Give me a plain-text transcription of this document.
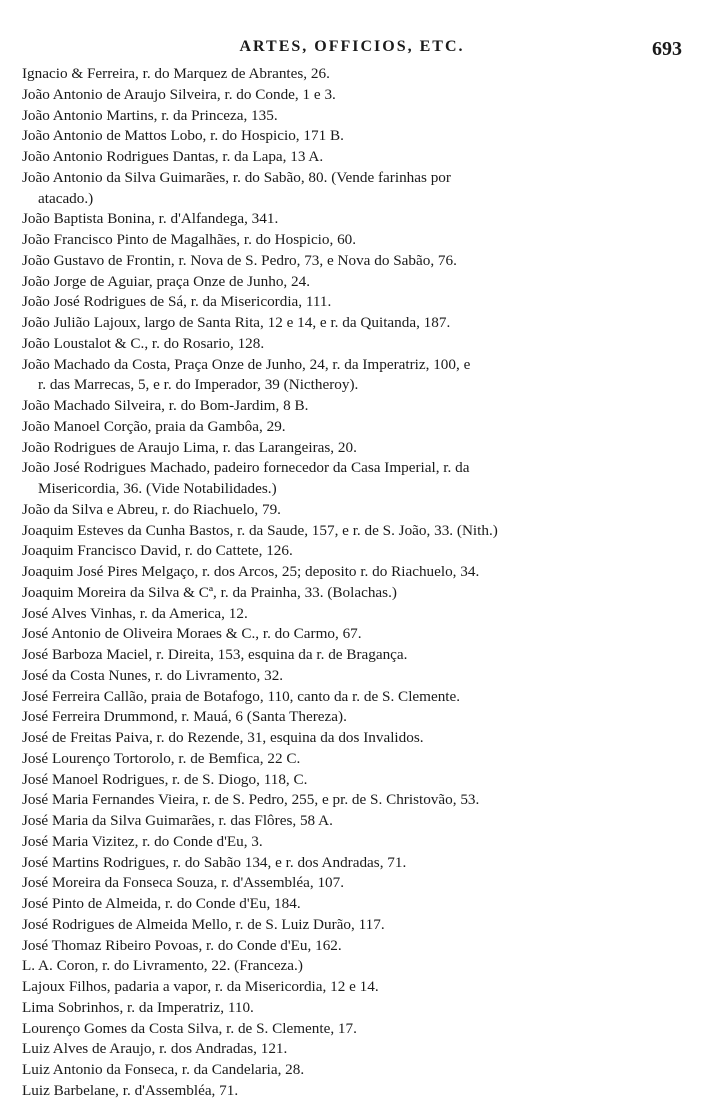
ARTES, OFFICIOS, ETC.	693

Ignacio & Ferreira, r. do Marquez de Abrantes, 26.

João Antonio de Araujo Silveira, r. do Conde, 1 e 3.

João Antonio Martins, r. da Princeza, 135.

João Antonio de Mattos Lobo, r. do Hospicio, 171 B.

João Antonio Rodrigues Dantas, r. da Lapa, 13 A.

João Antonio da Silva Guimarães, r. do Sabão, 80. (Vende farinhas por
atacado.)

João Baptista Bonina, r. d'Alfandega, 341.

João Francisco Pinto de Magalhães, r. do Hospicio, 60.

João Gustavo de Frontin, r. Nova de S. Pedro, 73, e Nova do Sabão, 76.

João Jorge de Aguiar, praça Onze de Junho, 24.

João José Rodrigues de Sá, r. da Misericordia, 111.

João Julião Lajoux, largo de Santa Rita, 12 e 14, e r. da Quitanda, 187.

João Loustalot & C., r. do Rosario, 128.

João Machado da Costa, Praça Onze de Junho, 24, r. da Imperatriz, 100, e
r. das Marrecas, 5, e r. do Imperador, 39 (Nictheroy).

João Machado Silveira, r. do Bom-Jardim, 8 B.

João Manoel Corção, praia da Gambôa, 29.

João Rodrigues de Araujo Lima, r. das Larangeiras, 20.

João José Rodrigues Machado, padeiro fornecedor da Casa Imperial, r. da
Misericordia, 36. (Vide Notabilidades.)

João da Silva e Abreu, r. do Riachuelo, 79.

Joaquim Esteves da Cunha Bastos, r. da Saude, 157, e r. de S. João, 33. (Nith.)

Joaquim Francisco David, r. do Cattete, 126.

Joaquim José Pires Melgaço, r. dos Arcos, 25; deposito r. do Riachuelo, 34.

Joaquim Moreira da Silva & Cª, r. da Prainha, 33. (Bolachas.)

José Alves Vinhas, r. da America, 12.

José Antonio de Oliveira Moraes & C., r. do Carmo, 67.

José Barboza Maciel, r. Direita, 153, esquina da r. de Bragança.

José da Costa Nunes, r. do Livramento, 32.

José Ferreira Callão, praia de Botafogo, 110, canto da r. de S. Clemente.

José Ferreira Drummond, r. Mauá, 6 (Santa Thereza).

José de Freitas Paiva, r. do Rezende, 31, esquina da dos Invalidos.

José Lourenço Tortorolo, r. de Bemfica, 22 C.

José Manoel Rodrigues, r. de S. Diogo, 118, C.

José Maria Fernandes Vieira, r. de S. Pedro, 255, e pr. de S. Christovão, 53.

José Maria da Silva Guimarães, r. das Flôres, 58 A.

José Maria Vizitez, r. do Conde d'Eu, 3.

José Martins Rodrigues, r. do Sabão 134, e r. dos Andradas, 71.

José Moreira da Fonseca Souza, r. d'Assembléa, 107.

José Pinto de Almeida, r. do Conde d'Eu, 184.

José Rodrigues de Almeida Mello, r. de S. Luiz Durão, 117.

José Thomaz Ribeiro Povoas, r. do Conde d'Eu, 162.

L. A. Coron, r. do Livramento, 22. (Franceza.)

Lajoux Filhos, padaria a vapor, r. da Misericordia, 12 e 14.

Lima Sobrinhos, r. da Imperatriz, 110.

Lourenço Gomes da Costa Silva, r. de S. Clemente, 17.

Luiz Alves de Araujo, r. dos Andradas, 121.

Luiz Antonio da Fonseca, r. da Candelaria, 28.

Luiz Barbelane, r. d'Assembléa, 71.
